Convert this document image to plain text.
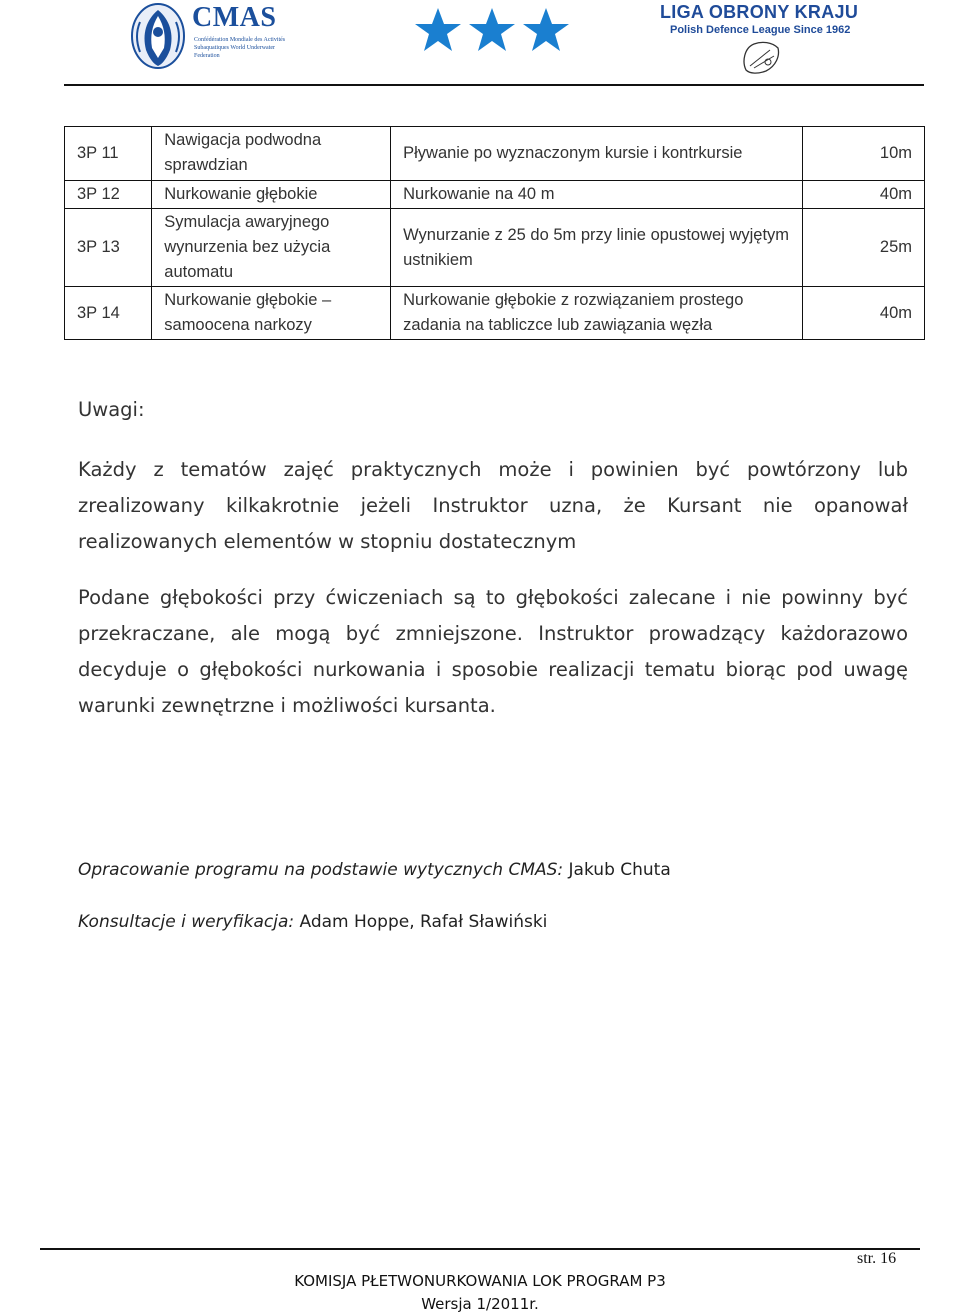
CMAS
Confédération Mondiale des Activités Subaquatiques World Underwater Federation
LIGA OBRONY KRAJU
Polish Defence League Since 1962
3P 11	Nawigacja podwodna sprawdzian	Pływanie po wyznaczonym kursie i kontrkursie	10m
3P 12	Nurkowanie głębokie	Nurkowanie na 40 m	40m
3P 13	Symulacja awaryjnego wynurzenia bez użycia automatu	Wynurzanie z 25 do 5m przy linie opustowej wyjętym ustnikiem	25m
3P 14	Nurkowanie głębokie – samoocena narkozy	Nurkowanie głębokie z rozwiązaniem prostego zadania na tabliczce lub zawiązania węzła	40m
Uwagi:

Każdy z tematów zajęć praktycznych może i powinien być powtórzony lub zrealizowany kilkakrotnie jeżeli Instruktor uzna, że Kursant nie opanował realizowanych elementów w stopniu dostatecznym

Podane głębokości przy ćwiczeniach są to głębokości zalecane i nie powinny być przekraczane, ale mogą być zmniejszone. Instruktor prowadzący każdorazowo decyduje o głębokości nurkowania i sposobie realizacji tematu biorąc pod uwagę warunki zewnętrzne i możliwości kursanta.

Opracowanie programu na podstawie wytycznych CMAS: Jakub Chuta
Konsultacje i weryfikacja: Adam Hoppe, Rafał Sławiński
str. 16
KOMISJA PŁETWONURKOWANIA LOK PROGRAM P3
Wersja 1/2011r.
